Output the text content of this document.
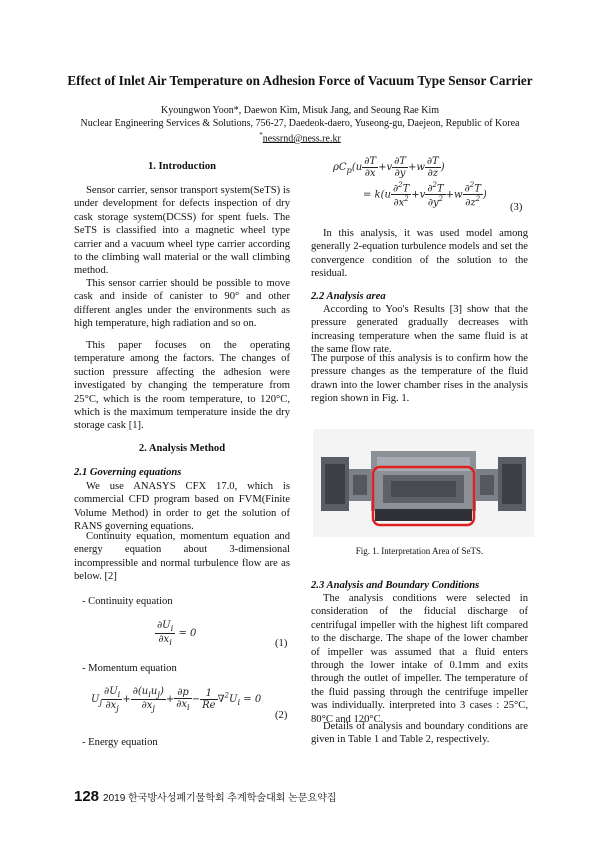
Effect of Inlet Air Temperature on Adhesion Force of Vacuum Type Sensor Carrier
Kyoungwon Yoon*, Daewon Kim, Misuk Jang, and Seoung Rae Kim
Nuclear Engineering Services & Solutions, 756-27, Daedeok-daero, Yuseong-gu, Daejeon, Republic of Korea
*nessrnd@ness.re.kr
1. Introduction
Sensor carrier, sensor transport system(SeTS) is under development for defects inspection of dry cask storage system(DCSS) for spent fuels. The SeTS is classified into a magnetic wheel type carrier and a vacuum wheel type carrier according to the climbing wall material or the wall climbing method.
This sensor carrier should be possible to move cask and inside of canister to 90° and other different angles under the environments such as high temperature, high radiation and so on.
This paper focuses on the operating temperature among the factors. The changes of suction pressure affecting the adhesion were investigated by changing the temperature from 25°C, which is the room temperature, to 120°C, which is the maximum temperature inside the dry storage cask [1].
2. Analysis Method
2.1 Governing equations
We use ANASYS CFX 17.0, which is commercial CFD program based on FVM(Finite Volume Method) in order to get the solution of RANS governing equations.
Continuity equation, momentum equation and energy equation about 3-dimensional incompressible and normal turbulence flow are as below. [2]
- Continuity equation
$\frac{\partial U_i}{\partial x_i} = 0$
(1)
- Momentum equation
$U_j \frac{\partial U_i}{\partial x_j} + \frac{\partial(u_iu_j)}{\partial x_j} + \frac{\partial p}{\partial x_i} - \frac{1}{Re} \nabla^2U_i = 0$
(2)
- Energy equation
$\rho C_p(u \frac{\partial T}{\partial x} +v \frac{\partial T}{\partial y} +w \frac{\partial T}{\partial z}$ )
= $k(u \frac{\partial^2T}{\partial x^2} +v \frac{\partial^2T}{\partial y^2} +w \frac{\partial^2T}{\partial z^2}$ )
(3)
In this analysis, it was used model among generally 2-equation turbulence models and set the convergence condition of the solution to the residual.
2.2 Analysis area
According to Yoo's Results [3] show that the pressure generated gradually decreases with increasing temperature when the same fluid is at the same flow rate.
The purpose of this analysis is to confirm how the pressure changes as the temperature of the fluid drawn into the lower chamber rises in the analysis region shown in Fig. 1.
Fig. 1. Interpretation Area of SeTS.
2.3 Analysis and Boundary Conditions
The analysis conditions were selected in consideration of the fiducial discharge of centrifugal impeller with the highest lift compared to the discharge. The shape of the lower chamber of impeller was assumed that a fluid enters through the lower intake of 0.1mm and exits through the outlet of impeller. The temperature of the fluid passing through the centrifuge impeller was individually. interpreted into 3 cases : 25°C, 80°C and 120°C.
Details of analysis and boundary conditions are given in Table 1 and Table 2, respectively.
128 2019 한국방사성폐기물학회 추계학술대회 논문요약집
